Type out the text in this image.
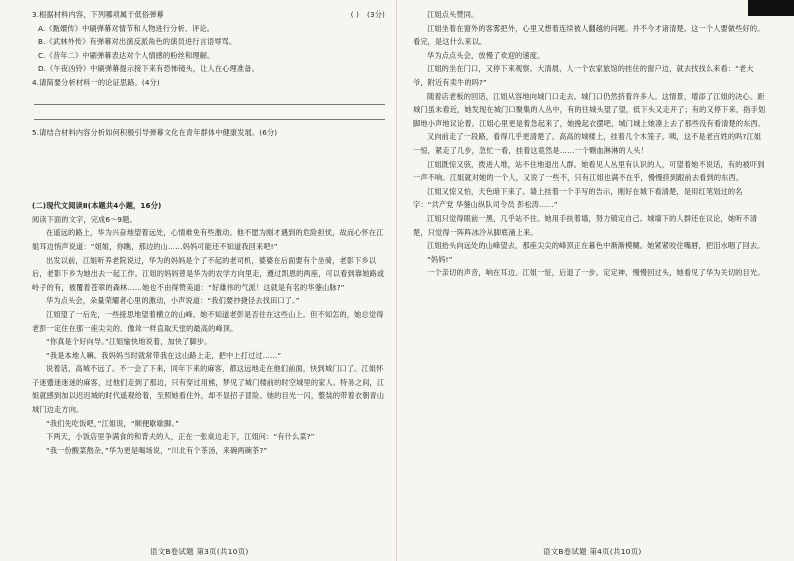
3.根据材料内容，下列哪项属于低俗弹幕	( ) (3分)

A.《甄嬛传》中刷弹幕对情节和人物进行分析、评论。

B.《武林外传》有弹幕对出演反派角色的演员进行言语辱骂。

C.《昔年二》中刷弹幕表达对个人情感的粉丝和理解。

D.《午夜凶铃》中刷弹幕提示接下来有恐怖镜头，让人在心理准备。

4.请简要分析材料一的论证思路。(4分)

5.请结合材料内容分析如何积极引导弹幕文化在青年群体中健康发展。(6分)

(二)现代文阅读Ⅱ(本题共4小题，16分)

阅读下面的文字，完成6～9题。

在遥远的路上，华为兴奋地望着远处，心情难免有些激动。他不愿为刚才遇到的危险担忧，故而心怀在江姐耳边悄声说道：“姐姐，你瞧，那边的山……妈妈可能还不知道我回来吧!”

出发以前，江姐听养老院说过，华为的妈妈是个了不起的老司机，婆婆在后面要有个坐骑，老影下乡以后，老影下乡为她出去一起工作。江姐的妈妈曾是华为的农学方向里走，遵过凯恩的两座，可以看到靠她路或岭子的有，被覆着苍翠的森林……她也不由得赞美道：“好雄伟的气派！这就是有名的华蓥山脉?”

华为点头会，朵量荣耀者心里的激动，小声说道：“我们要抄捷径去找田口了。”

江姐望了一后先，一些接思地望着横立的山峰。她不知道老彭是否住在这些山上。但不知怎的，她总觉得老彭一定住在那一座尖尖的、像耸一样直取天堂的最高的峰顶。

“你真是个好向导。”江姐愉快地说着，加快了脚步。

“我是本地人嘛。我妈妈当时就常带我在这山路上走，把中上打过过……”

说着话，高城不远了。不一会了下来，同年下来的麻客，都这远地走在他们前面，快到城门口了。江姐怀子迷蹙迷迷迷的麻客，过他们走到了那边，只有穿过用熊，梦见了城门楼前的时空城里的家人。特务之间，江姐就感到加以迟迟城的时代遥观给着，至照她看住外，却不显招子冒险。她的目光一闪，整装的带着衣朝青山城门边走方向。

“我们先吃饭吧，”江姐说，“顺便歇歇脚。”

下两天，小饭店里争满食的和背夫的人，正在一张桌边走下，江姐问：“有什么菜?”

“我一份酸菜熬杂，”华为更是喝场说，“川北有个茶汤，来碗两碗茶?”

江姐点头赞同。

江姐坐着在窗外的客雾把外，心里又想着连续被人翻越的问题。并不今才诸清楚。这一个人要做些好的。看完，是这什么来以。

华为点点头会，放慢了欢迎的速度。

江姐的坐在门口，又停下来观察。大清晨，人一个农家旅馆的挂住的窗户边，就去找找么来看：“老大爷，附近有卖牛的吗?”

随着店老板的回话，江姐从容地向城门口走去。城门口仍然挤着许多人。这情景，增添了江姐的决心。距城门虽未看近，她发现在城门口聚集的人丛中，有的往城头望了望，低下头又走开了；有的又停下来，指手划脚地小声地议论着。江姐心里更是着急起来了，她挽起衣摆吧，城门城上她凑上去了那些没有看清楚的东西。

又向前走了一段路，看得几乎更清楚了。高高的城楼上，挂着几个木笼子。咦，这不是老百姓的吗?江姐一惊，紧走了几步，急忙一看，挂着这竟然是……一个颗血淋淋的人头！

江姐既惊又骇，拨进人堆，站不住地退出人群。她看见人丛里有认识的人，可望着她不说话，有的被吓到一声不响。江姐就对她的一个人，又说了一些不，只有江姐也满不在乎，慢慢挤到跟前去看到的东西。

江姐又惊又怕，天色暗下来了。墙上挂着一个手写的告示，刚好在城下看清楚，是用红笔划过的名字：“共产党 华蓥山纵队司令员 彭松涛……”

江姐只觉得眼前一黑，几乎站不住。她用手扶着墙，努力镇定自己。城墙下的人群还在议论，她听不清楚，只觉得一阵阵冰冷从脚底涌上来。

江姐抬头向远处的山峰望去，那座尖尖的峰顶正在暮色中渐渐模糊。她紧紧咬住嘴唇，把泪水咽了回去。

“妈妈!”

一个亲切的声音，响在耳边。江姐一怔，后退了一步。定定神，慢慢回过头，她看见了华为关切的目光。

语文B卷试题 第3页(共10页)	语文B卷试题 第4页(共10页)
